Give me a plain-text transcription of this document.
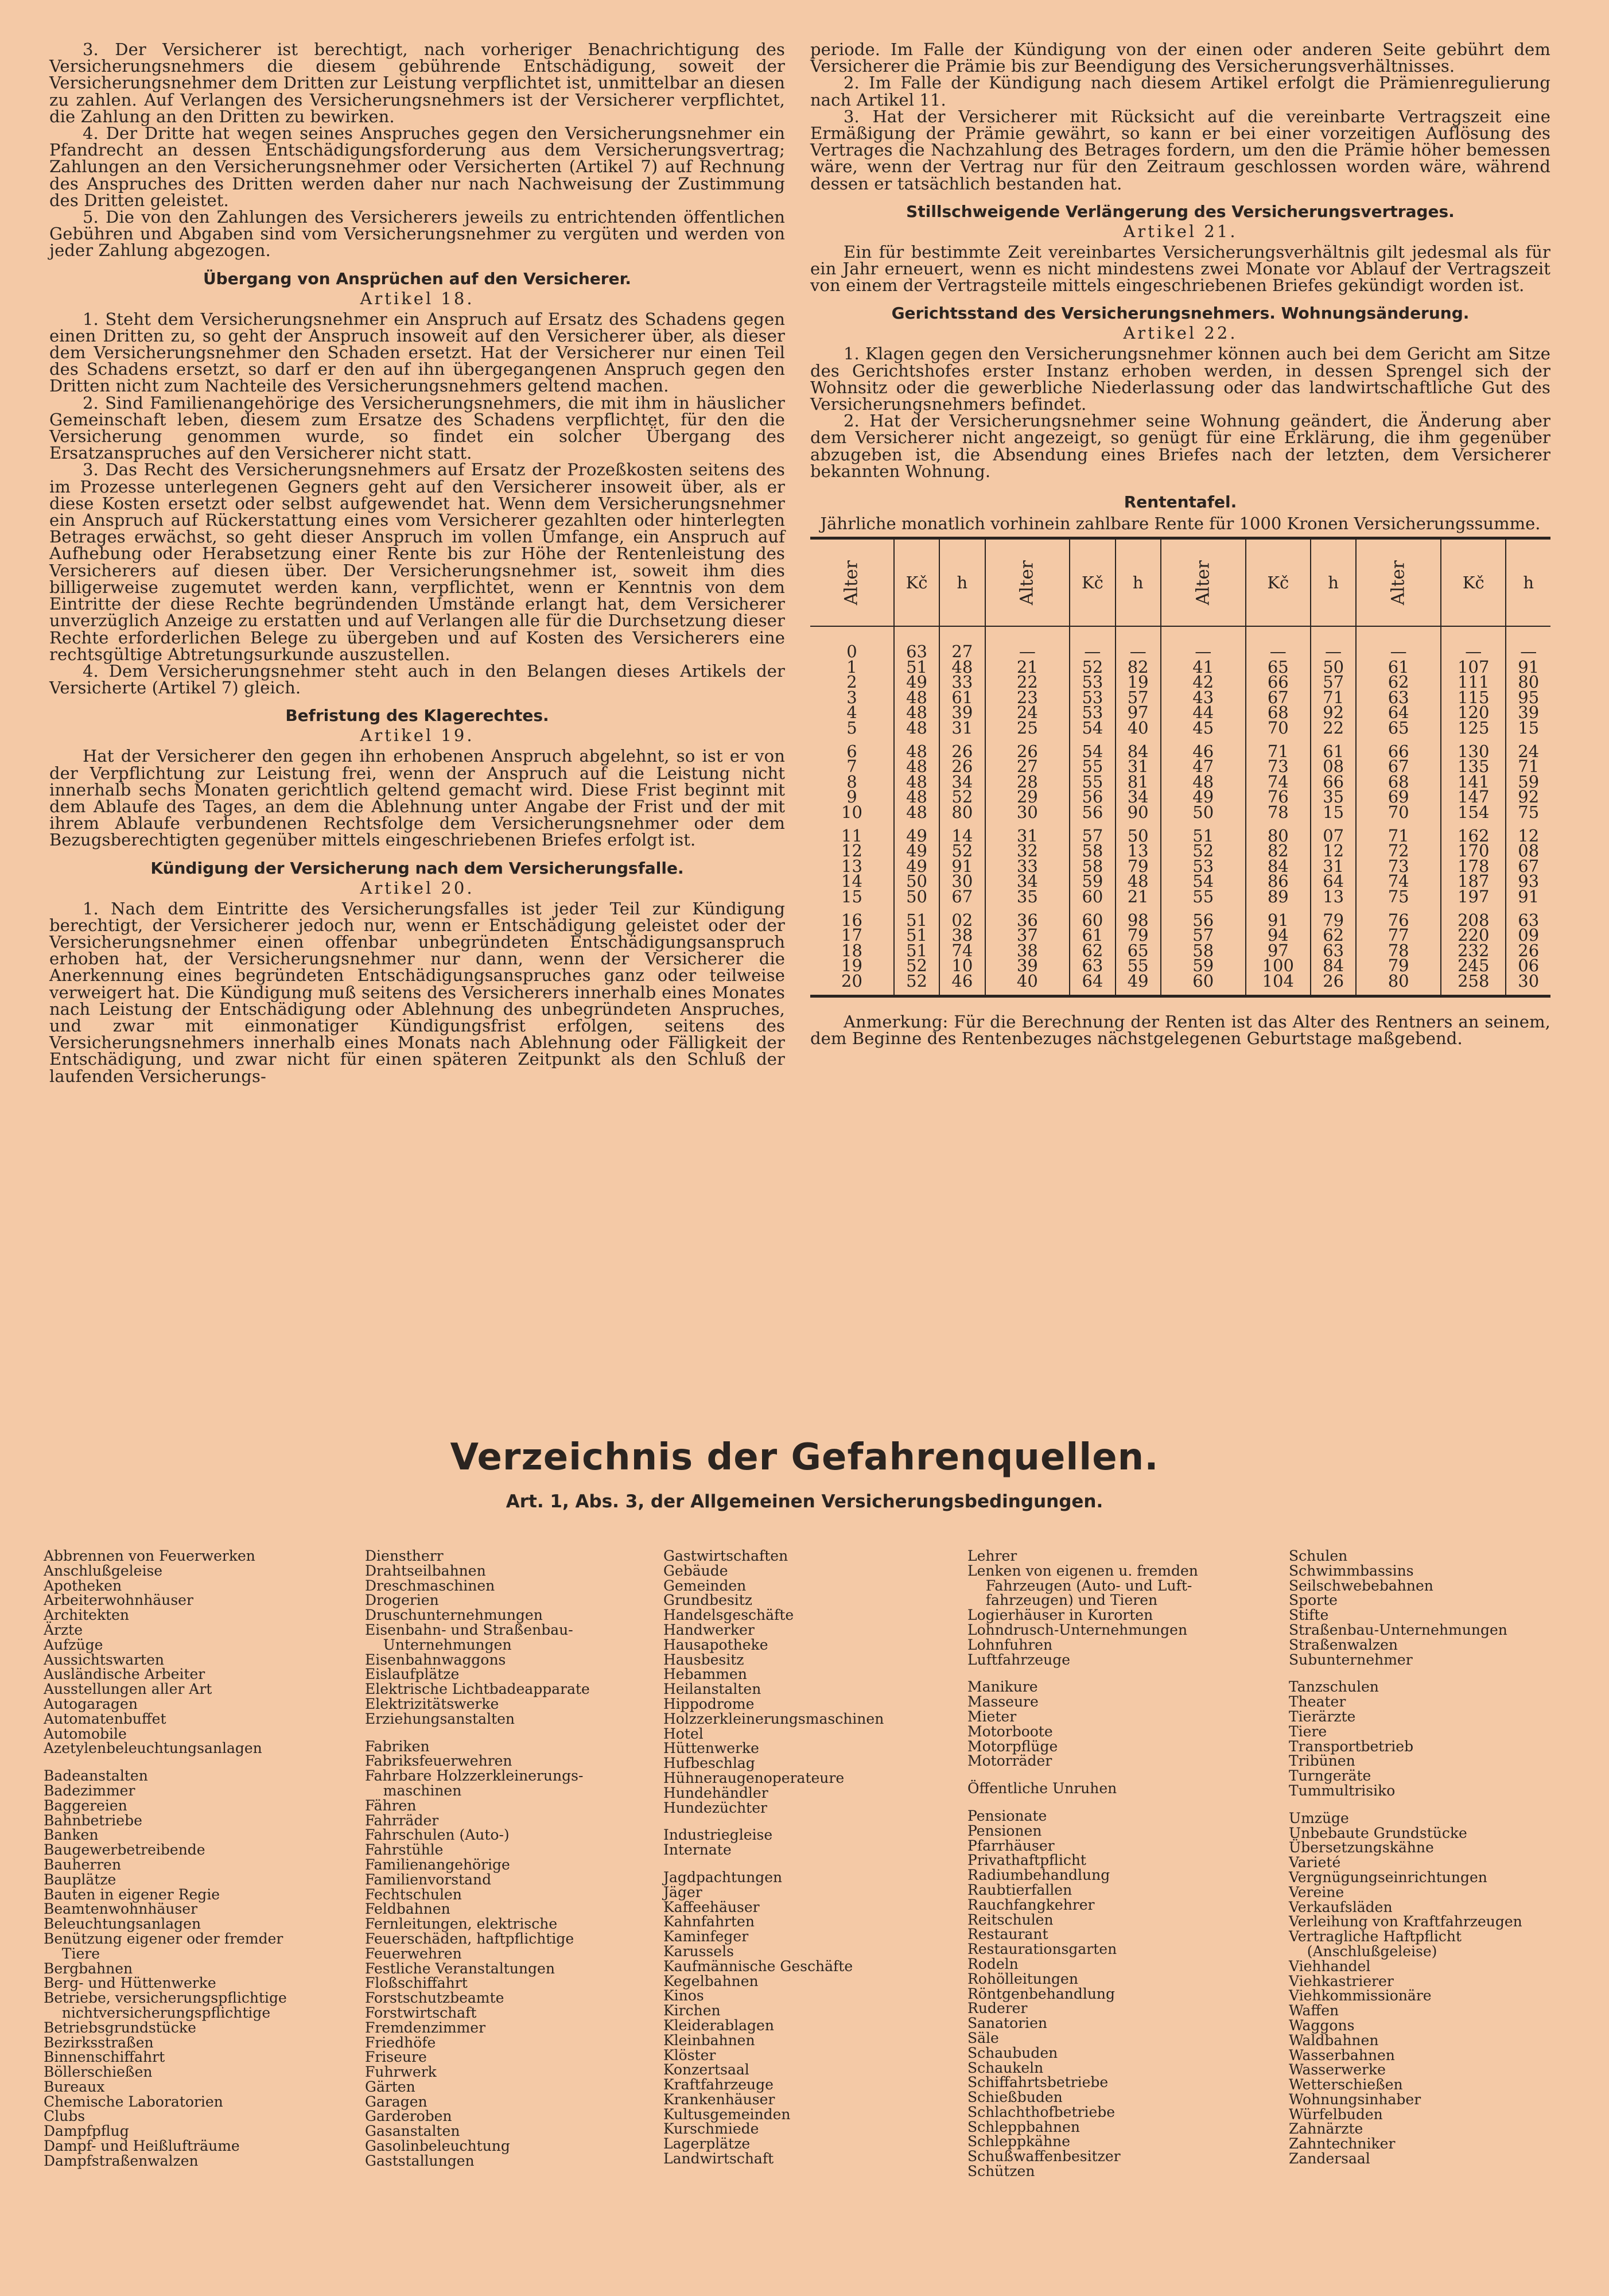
3. Der Versicherer ist berechtigt, nach vorheriger Benachrichtigung des Versicherungsnehmers die diesem gebührende Entschädigung, soweit der Versicherungsnehmer dem Dritten zur Leistung verpflichtet ist, unmittelbar an diesen zu zahlen. Auf Verlangen des Versicherungsnehmers ist der Versicherer verpflichtet, die Zahlung an den Dritten zu bewirken.

4. Der Dritte hat wegen seines Anspruches gegen den Versicherungsnehmer ein Pfandrecht an dessen Entschädigungsforderung aus dem Versicherungsvertrag; Zahlungen an den Versicherungsnehmer oder Versicherten (Artikel 7) auf Rechnung des Anspruches des Dritten werden daher nur nach Nachweisung der Zustimmung des Dritten geleistet.

5. Die von den Zahlungen des Versicherers jeweils zu entrichtenden öffentlichen Gebühren und Abgaben sind vom Versicherungsnehmer zu vergüten und werden von jeder Zahlung abgezogen.

Übergang von Ansprüchen auf den Versicherer.
Artikel 18.

1. Steht dem Versicherungsnehmer ein Anspruch auf Ersatz des Schadens gegen einen Dritten zu, so geht der Anspruch insoweit auf den Versicherer über, als dieser dem Versicherungsnehmer den Schaden ersetzt. Hat der Versicherer nur einen Teil des Schadens ersetzt, so darf er den auf ihn übergegangenen Anspruch gegen den Dritten nicht zum Nachteile des Versicherungsnehmers geltend machen.

2. Sind Familienangehörige des Versicherungsnehmers, die mit ihm in häuslicher Gemeinschaft leben, diesem zum Ersatze des Schadens verpflichtet, für den die Versicherung genommen wurde, so findet ein solcher Übergang des Ersatzanspruches auf den Versicherer nicht statt.

3. Das Recht des Versicherungsnehmers auf Ersatz der Prozeßkosten seitens des im Prozesse unterlegenen Gegners geht auf den Versicherer insoweit über, als er diese Kosten ersetzt oder selbst aufgewendet hat. Wenn dem Versicherungsnehmer ein Anspruch auf Rückerstattung eines vom Versicherer gezahlten oder hinterlegten Betrages erwächst, so geht dieser Anspruch im vollen Umfange, ein Anspruch auf Aufhebung oder Herabsetzung einer Rente bis zur Höhe der Rentenleistung des Versicherers auf diesen über. Der Versicherungsnehmer ist, soweit ihm dies billigerweise zugemutet werden kann, verpflichtet, wenn er Kenntnis von dem Eintritte der diese Rechte begründenden Umstände erlangt hat, dem Versicherer unverzüglich Anzeige zu erstatten und auf Verlangen alle für die Durchsetzung dieser Rechte erforderlichen Belege zu übergeben und auf Kosten des Versicherers eine rechtsgültige Abtretungsurkunde auszustellen.

4. Dem Versicherungsnehmer steht auch in den Belangen dieses Artikels der Versicherte (Artikel 7) gleich.

Befristung des Klagerechtes.
Artikel 19.

Hat der Versicherer den gegen ihn erhobenen Anspruch abgelehnt, so ist er von der Verpflichtung zur Leistung frei, wenn der Anspruch auf die Leistung nicht innerhalb sechs Monaten gerichtlich geltend gemacht wird. Diese Frist beginnt mit dem Ablaufe des Tages, an dem die Ablehnung unter Angabe der Frist und der mit ihrem Ablaufe verbundenen Rechtsfolge dem Versicherungsnehmer oder dem Bezugsberechtigten gegenüber mittels eingeschriebenen Briefes erfolgt ist.

Kündigung der Versicherung nach dem Versicherungsfalle.
Artikel 20.

1. Nach dem Eintritte des Versicherungsfalles ist jeder Teil zur Kündigung berechtigt, der Versicherer jedoch nur, wenn er Entschädigung geleistet oder der Versicherungsnehmer einen offenbar unbegründeten Entschädigungsanspruch erhoben hat, der Versicherungsnehmer nur dann, wenn der Versicherer die Anerkennung eines begründeten Entschädigungsanspruches ganz oder teilweise verweigert hat. Die Kündigung muß seitens des Versicherers innerhalb eines Monates nach Leistung der Entschädigung oder Ablehnung des unbegründeten Anspruches, und zwar mit einmonatiger Kündigungsfrist erfolgen, seitens des Versicherungsnehmers innerhalb eines Monats nach Ablehnung oder Fälligkeit der Entschädigung, und zwar nicht für einen späteren Zeitpunkt als den Schluß der laufenden Versicherungs-

periode. Im Falle der Kündigung von der einen oder anderen Seite gebührt dem Versicherer die Prämie bis zur Beendigung des Versicherungsverhältnisses.

2. Im Falle der Kündigung nach diesem Artikel erfolgt die Prämienregulierung nach Artikel 11.

3. Hat der Versicherer mit Rücksicht auf die vereinbarte Vertragszeit eine Ermäßigung der Prämie gewährt, so kann er bei einer vorzeitigen Auflösung des Vertrages die Nachzahlung des Betrages fordern, um den die Prämie höher bemessen wäre, wenn der Vertrag nur für den Zeitraum geschlossen worden wäre, während dessen er tatsächlich bestanden hat.

Stillschweigende Verlängerung des Versicherungsvertrages.
Artikel 21.

Ein für bestimmte Zeit vereinbartes Versicherungsverhältnis gilt jedesmal als für ein Jahr erneuert, wenn es nicht mindestens zwei Monate vor Ablauf der Vertragszeit von einem der Vertragsteile mittels eingeschriebenen Briefes gekündigt worden ist.

Gerichtsstand des Versicherungsnehmers. Wohnungsänderung.
Artikel 22.

1. Klagen gegen den Versicherungsnehmer können auch bei dem Gericht am Sitze des Gerichtshofes erster Instanz erhoben werden, in dessen Sprengel sich der Wohnsitz oder die gewerbliche Niederlassung oder das landwirtschaftliche Gut des Versicherungsnehmers befindet.

2. Hat der Versicherungsnehmer seine Wohnung geändert, die Änderung aber dem Versicherer nicht angezeigt, so genügt für eine Erklärung, die ihm gegenüber abzugeben ist, die Absendung eines Briefes nach der letzten, dem Versicherer bekannten Wohnung.

Rententafel.
Jährliche monatlich vorhinein zahlbare Rente für 1000 Kronen Versicherungssumme.
Alter	Kč	h	Alter	Kč	h	Alter	Kč	h	Alter	Kč	h
0	63	27	—	—	—	—	—	—	—	—	—
1	51	48	21	52	82	41	65	50	61	107	91
2	49	33	22	53	19	42	66	57	62	111	80
3	48	61	23	53	57	43	67	71	63	115	95
4	48	39	24	53	97	44	68	92	64	120	39
5	48	31	25	54	40	45	70	22	65	125	15
6	48	26	26	54	84	46	71	61	66	130	24
7	48	26	27	55	31	47	73	08	67	135	71
8	48	34	28	55	81	48	74	66	68	141	59
9	48	52	29	56	34	49	76	35	69	147	92
10	48	80	30	56	90	50	78	15	70	154	75
11	49	14	31	57	50	51	80	07	71	162	12
12	49	52	32	58	13	52	82	12	72	170	08
13	49	91	33	58	79	53	84	31	73	178	67
14	50	30	34	59	48	54	86	64	74	187	93
15	50	67	35	60	21	55	89	13	75	197	91
16	51	02	36	60	98	56	91	79	76	208	63
17	51	38	37	61	79	57	94	62	77	220	09
18	51	74	38	62	65	58	97	63	78	232	26
19	52	10	39	63	55	59	100	84	79	245	06
20	52	46	40	64	49	60	104	26	80	258	30

Anmerkung: Für die Berechnung der Renten ist das Alter des Rentners an seinem, dem Beginne des Rentenbezuges nächstgelegenen Geburtstage maßgebend.

Verzeichnis der Gefahrenquellen.
Art. 1, Abs. 3, der Allgemeinen Versicherungsbedingungen.
Abbrennen von Feuerwerken
Anschlußgeleise
Apotheken
Arbeiterwohnhäuser
Architekten
Ärzte
Aufzüge
Aussichtswarten
Ausländische Arbeiter
Ausstellungen aller Art
Autogaragen
Automatenbuffet
Automobile
Azetylenbeleuchtungsanlagen
Badeanstalten
Badezimmer
Baggereien
Bahnbetriebe
Banken
Baugewerbetreibende
Bauherren
Bauplätze
Bauten in eigener Regie
Beamtenwohnhäuser
Beleuchtungsanlagen
Benützung eigener oder fremder
Tiere
Bergbahnen
Berg- und Hüttenwerke
Betriebe, versicherungspflichtige
nichtversicherungspflichtige
Betriebsgrundstücke
Bezirksstraßen
Binnenschiffahrt
Böllerschießen
Bureaux
Chemische Laboratorien
Clubs
Dampfpflug
Dampf- und Heißlufträume
Dampfstraßenwalzen
Dienstherr
Drahtseilbahnen
Dreschmaschinen
Drogerien
Druschunternehmungen
Eisenbahn- und Straßenbau-
Unternehmungen
Eisenbahnwaggons
Eislaufplätze
Elektrische Lichtbadeapparate
Elektrizitätswerke
Erziehungsanstalten
Fabriken
Fabriksfeuerwehren
Fahrbare Holzzerkleinerungs-
maschinen
Fähren
Fahrräder
Fahrschulen (Auto-)
Fahrstühle
Familienangehörige
Familienvorstand
Fechtschulen
Feldbahnen
Fernleitungen, elektrische
Feuerschäden, haftpflichtige
Feuerwehren
Festliche Veranstaltungen
Floßschiffahrt
Forstschutzbeamte
Forstwirtschaft
Fremdenzimmer
Friedhöfe
Friseure
Fuhrwerk
Gärten
Garagen
Garderoben
Gasanstalten
Gasolinbeleuchtung
Gaststallungen
Gastwirtschaften
Gebäude
Gemeinden
Grundbesitz
Handelsgeschäfte
Handwerker
Hausapotheke
Hausbesitz
Hebammen
Heilanstalten
Hippodrome
Holzzerkleinerungsmaschinen
Hotel
Hüttenwerke
Hufbeschlag
Hühneraugenoperateure
Hundehändler
Hundezüchter
Industriegleise
Internate
Jagdpachtungen
Jäger
Kaffeehäuser
Kahnfahrten
Kaminfeger
Karussels
Kaufmännische Geschäfte
Kegelbahnen
Kinos
Kirchen
Kleiderablagen
Kleinbahnen
Klöster
Konzertsaal
Kraftfahrzeuge
Krankenhäuser
Kultusgemeinden
Kurschmiede
Lagerplätze
Landwirtschaft
Lehrer
Lenken von eigenen u. fremden
Fahrzeugen (Auto- und Luft-
fahrzeugen) und Tieren
Logierhäuser in Kurorten
Lohndrusch-Unternehmungen
Lohnfuhren
Luftfahrzeuge
Manikure
Masseure
Mieter
Motorboote
Motorpflüge
Motorräder
Öffentliche Unruhen
Pensionate
Pensionen
Pfarrhäuser
Privathaftpflicht
Radiumbehandlung
Raubtierfallen
Rauchfangkehrer
Reitschulen
Restaurant
Restaurationsgarten
Rodeln
Rohölleitungen
Röntgenbehandlung
Ruderer
Sanatorien
Säle
Schaubuden
Schaukeln
Schiffahrtsbetriebe
Schießbuden
Schlachthofbetriebe
Schleppbahnen
Schleppkähne
Schußwaffenbesitzer
Schützen
Schulen
Schwimmbassins
Seilschwebebahnen
Sporte
Stifte
Straßenbau-Unternehmungen
Straßenwalzen
Subunternehmer
Tanzschulen
Theater
Tierärzte
Tiere
Transportbetrieb
Tribünen
Turngeräte
Tummultrisiko
Umzüge
Unbebaute Grundstücke
Übersetzungskähne
Varieté
Vergnügungseinrichtungen
Vereine
Verkaufsläden
Verleihung von Kraftfahrzeugen
Vertragliche Haftpflicht
(Anschlußgeleise)
Viehhandel
Viehkastrierer
Viehkommissionäre
Waffen
Waggons
Waldbahnen
Wasserbahnen
Wasserwerke
Wetterschießen
Wohnungsinhaber
Würfelbuden
Zahnärzte
Zahntechniker
Zandersaal
